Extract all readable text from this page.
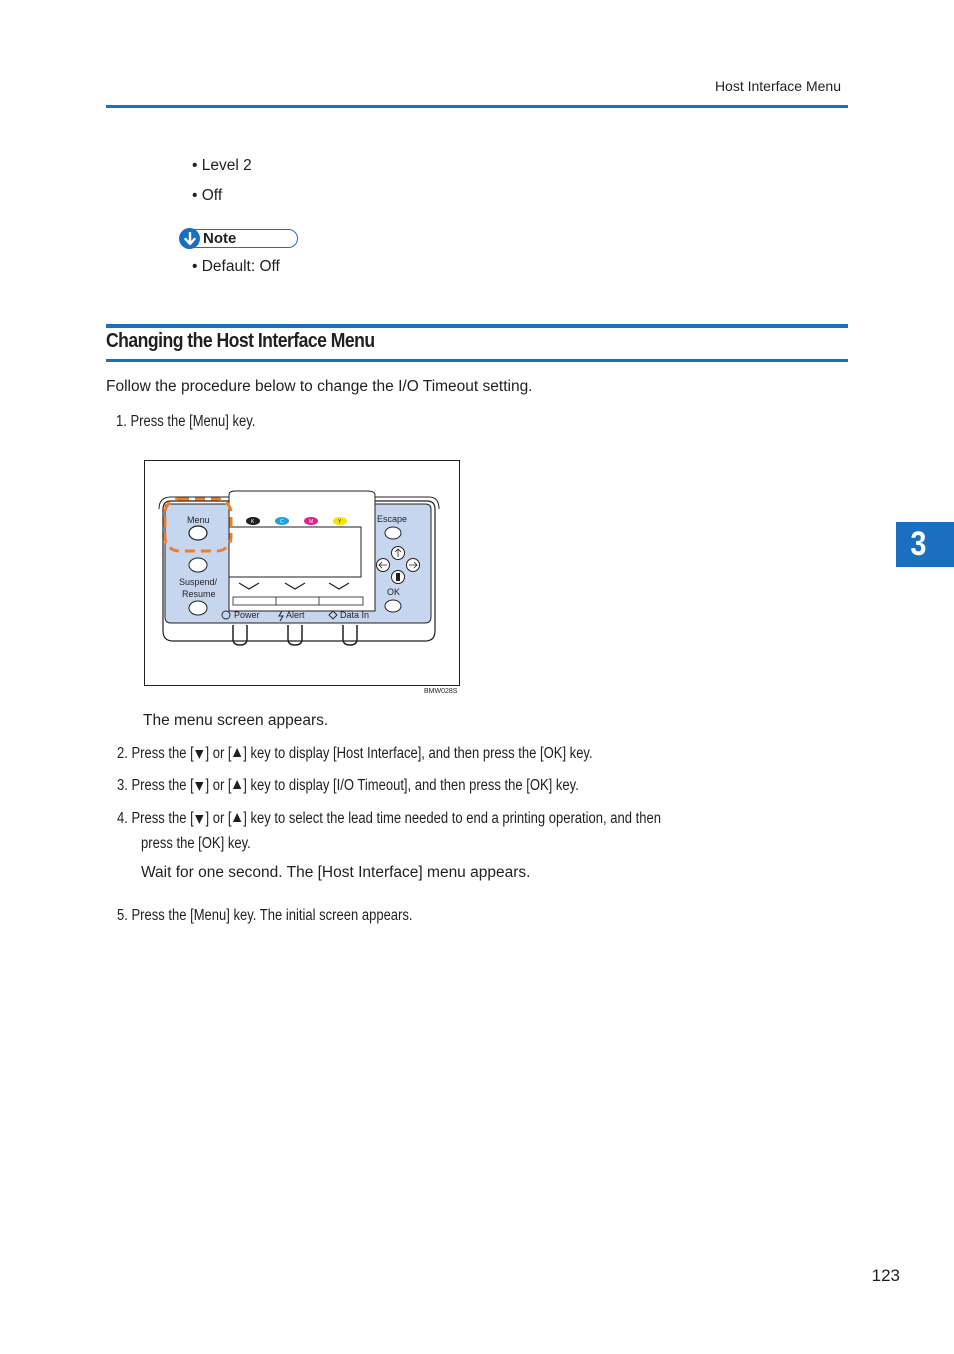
Host Interface Menu
• Level 2
• Off
Note
• Default: Off
Changing the Host Interface Menu
Follow the procedure below to change the I/O Timeout setting.
1. Press the [Menu] key.
K	C	M	Y
Menu
Suspend/
Resume
Escape
OK
Power	Alert	Data In
BMW028S
The menu screen appears.
2. Press the [ ] or [ ] key to display [Host Interface], and then press the [OK] key.
3. Press the [ ] or [ ] key to display [I/O Timeout], and then press the [OK] key.
4. Press the [ ] or [ ] key to select the lead time needed to end a printing operation, and then
press the [OK] key.
Wait for one second. The [Host Interface] menu appears.
5. Press the [Menu] key. The initial screen appears.
3
123
